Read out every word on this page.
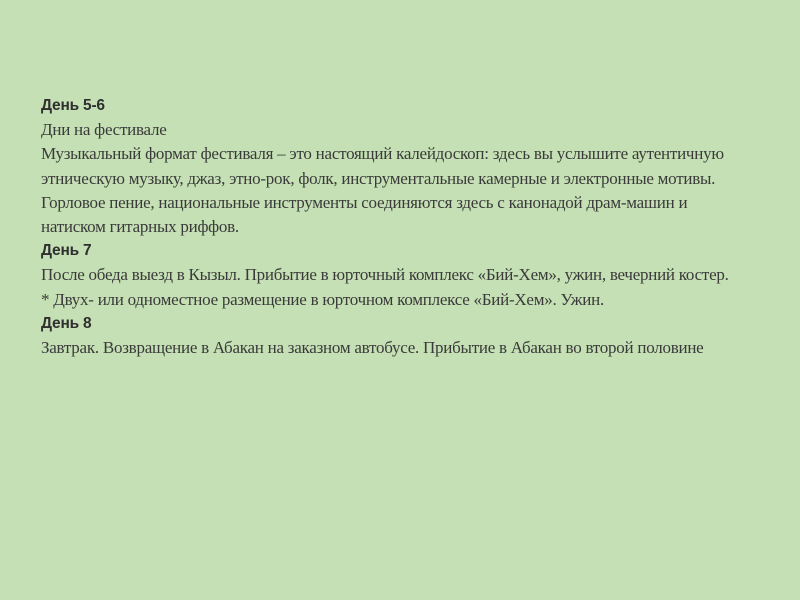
День 5-6

Дни на фестивале

Музыкальный формат фестиваля – это настоящий калейдоскоп: здесь вы услышите аутентичную этническую музыку, джаз, этно-рок, фолк, инструментальные камерные и электронные мотивы. Горловое пение, национальные инструменты соединяются здесь с канонадой драм-машин и натиском гитарных риффов.

День 7

После обеда выезд в Кызыл. Прибытие в юрточный комплекс «Бий-Хем», ужин, вечерний костер.

* Двух- или одноместное размещение в юрточном комплексе «Бий-Хем». Ужин.

День 8

Завтрак. Возвращение в Абакан на заказном автобусе. Прибытие в Абакан во второй половине
